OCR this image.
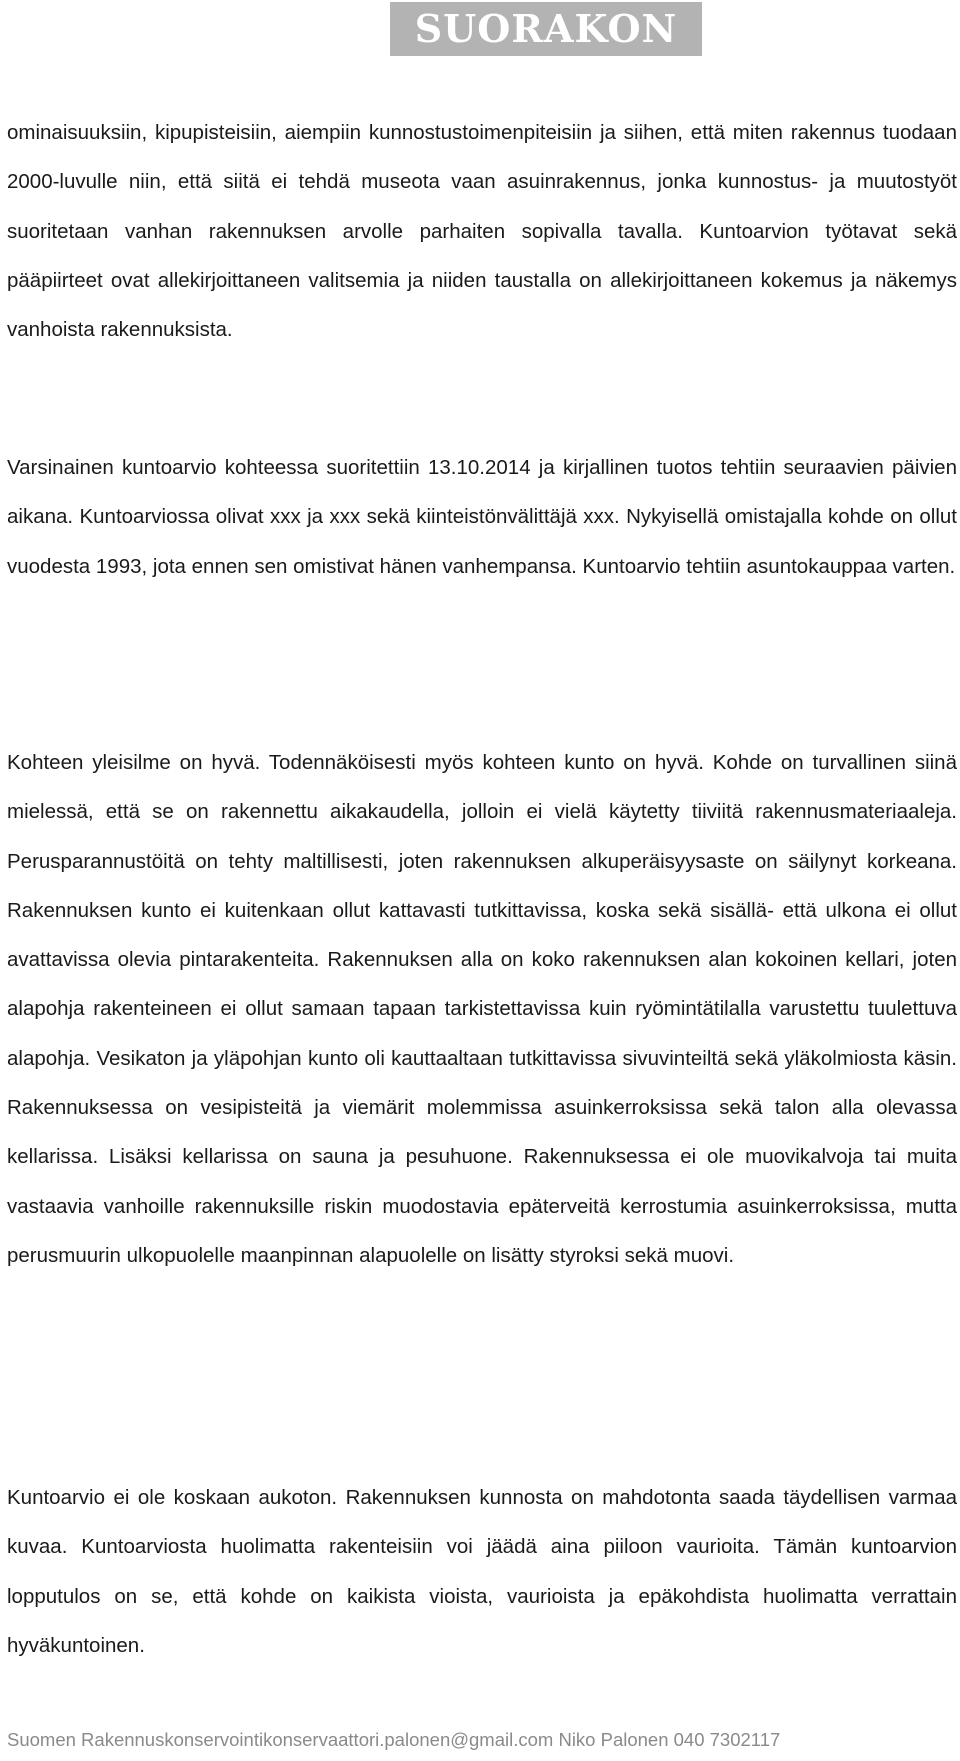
SUORAKON

ominaisuuksiin, kipupisteisiin, aiempiin kunnostustoimenpiteisiin ja siihen, että miten rakennus tuodaan 2000-luvulle niin, että siitä ei tehdä museota vaan asuinrakennus, jonka kunnostus- ja muutostyöt suoritetaan vanhan rakennuksen arvolle parhaiten sopivalla tavalla. Kuntoarvion työtavat sekä pääpiirteet ovat allekirjoittaneen valitsemia ja niiden taustalla on allekirjoittaneen kokemus ja näkemys vanhoista rakennuksista.

Varsinainen kuntoarvio kohteessa suoritettiin 13.10.2014 ja kirjallinen tuotos tehtiin seuraavien päivien aikana. Kuntoarviossa olivat xxx ja xxx sekä kiinteistönvälittäjä xxx. Nykyisellä omistajalla kohde on ollut vuodesta 1993, jota ennen sen omistivat hänen vanhempansa. Kuntoarvio tehtiin asuntokauppaa varten.

Kohteen yleisilme on hyvä. Todennäköisesti myös kohteen kunto on hyvä. Kohde on turvallinen siinä mielessä, että se on rakennettu aikakaudella, jolloin ei vielä käytetty tiiviitä rakennusmateriaaleja. Perusparannustöitä on tehty maltillisesti, joten rakennuksen alkuperäisyysaste on säilynyt korkeana. Rakennuksen kunto ei kuitenkaan ollut kattavasti tutkittavissa, koska sekä sisällä- että ulkona ei ollut avattavissa olevia pintarakenteita. Rakennuksen alla on koko rakennuksen alan kokoinen kellari, joten alapohja rakenteineen ei ollut samaan tapaan tarkistettavissa kuin ryömintätilalla varustettu tuulettuva alapohja. Vesikaton ja yläpohjan kunto oli kauttaaltaan tutkittavissa sivuvinteiltä sekä yläkolmiosta käsin. Rakennuksessa on vesipisteitä ja viemärit molemmissa asuinkerroksissa sekä talon alla olevassa kellarissa. Lisäksi kellarissa on sauna ja pesuhuone. Rakennuksessa ei ole muovikalvoja tai muita vastaavia vanhoille rakennuksille riskin muodostavia epäterveitä kerrostumia asuinkerroksissa, mutta perusmuurin ulkopuolelle maanpinnan alapuolelle on lisätty styroksi sekä muovi.

Kuntoarvio ei ole koskaan aukoton. Rakennuksen kunnosta on mahdotonta saada täydellisen varmaa kuvaa. Kuntoarviosta huolimatta rakenteisiin voi jäädä aina piiloon vaurioita. Tämän kuntoarvion lopputulos on se, että kohde on kaikista vioista, vaurioista ja epäkohdista huolimatta verrattain hyväkuntoinen.

Suomen Rakennuskonservointikonservaattori.palonen@gmail.com Niko Palonen 040 7302117
